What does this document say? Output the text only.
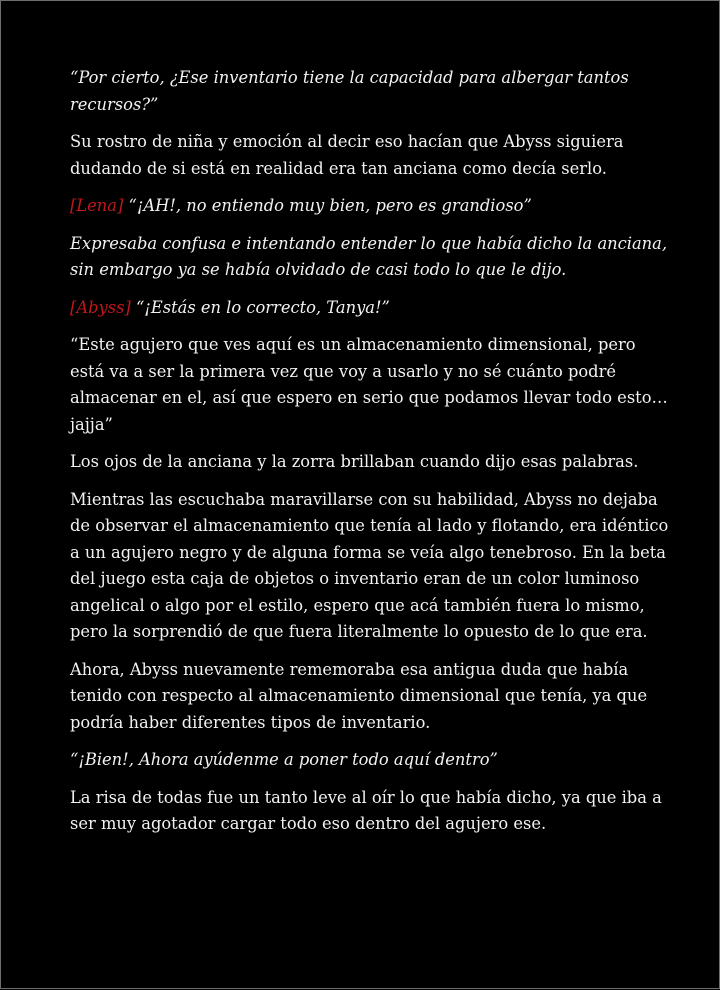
“Por cierto, ¿Ese inventario tiene la capacidad para albergar tantos recursos?”

Su rostro de niña y emoción al decir eso hacían que Abyss siguiera dudando de si está en realidad era tan anciana como decía serlo.

[Lena] “¡AH!, no entiendo muy bien, pero es grandioso”

Expresaba confusa e intentando entender lo que había dicho la anciana, sin embargo ya se había olvidado de casi todo lo que le dijo.

[Abyss] “¡Estás en lo correcto, Tanya!”

“Este agujero que ves aquí es un almacenamiento dimensional, pero está va a ser la primera vez que voy a usarlo y no sé cuánto podré almacenar en el, así que espero en serio que podamos llevar todo esto… jajja”

Los ojos de la anciana y la zorra brillaban cuando dijo esas palabras.

Mientras las escuchaba maravillarse con su habilidad, Abyss no dejaba de observar el almacenamiento que tenía al lado y flotando, era idéntico a un agujero negro y de alguna forma se veía algo tenebroso. En la beta del juego esta caja de objetos o inventario eran de un color luminoso angelical o algo por el estilo, espero que acá también fuera lo mismo, pero la sorprendió de que fuera literalmente lo opuesto de lo que era.

Ahora, Abyss nuevamente rememoraba esa antigua duda que había tenido con respecto al almacenamiento dimensional que tenía, ya que podría haber diferentes tipos de inventario.

“¡Bien!, Ahora ayúdenme a poner todo aquí dentro”

La risa de todas fue un tanto leve al oír lo que había dicho, ya que iba a ser muy agotador cargar todo eso dentro del agujero ese.
